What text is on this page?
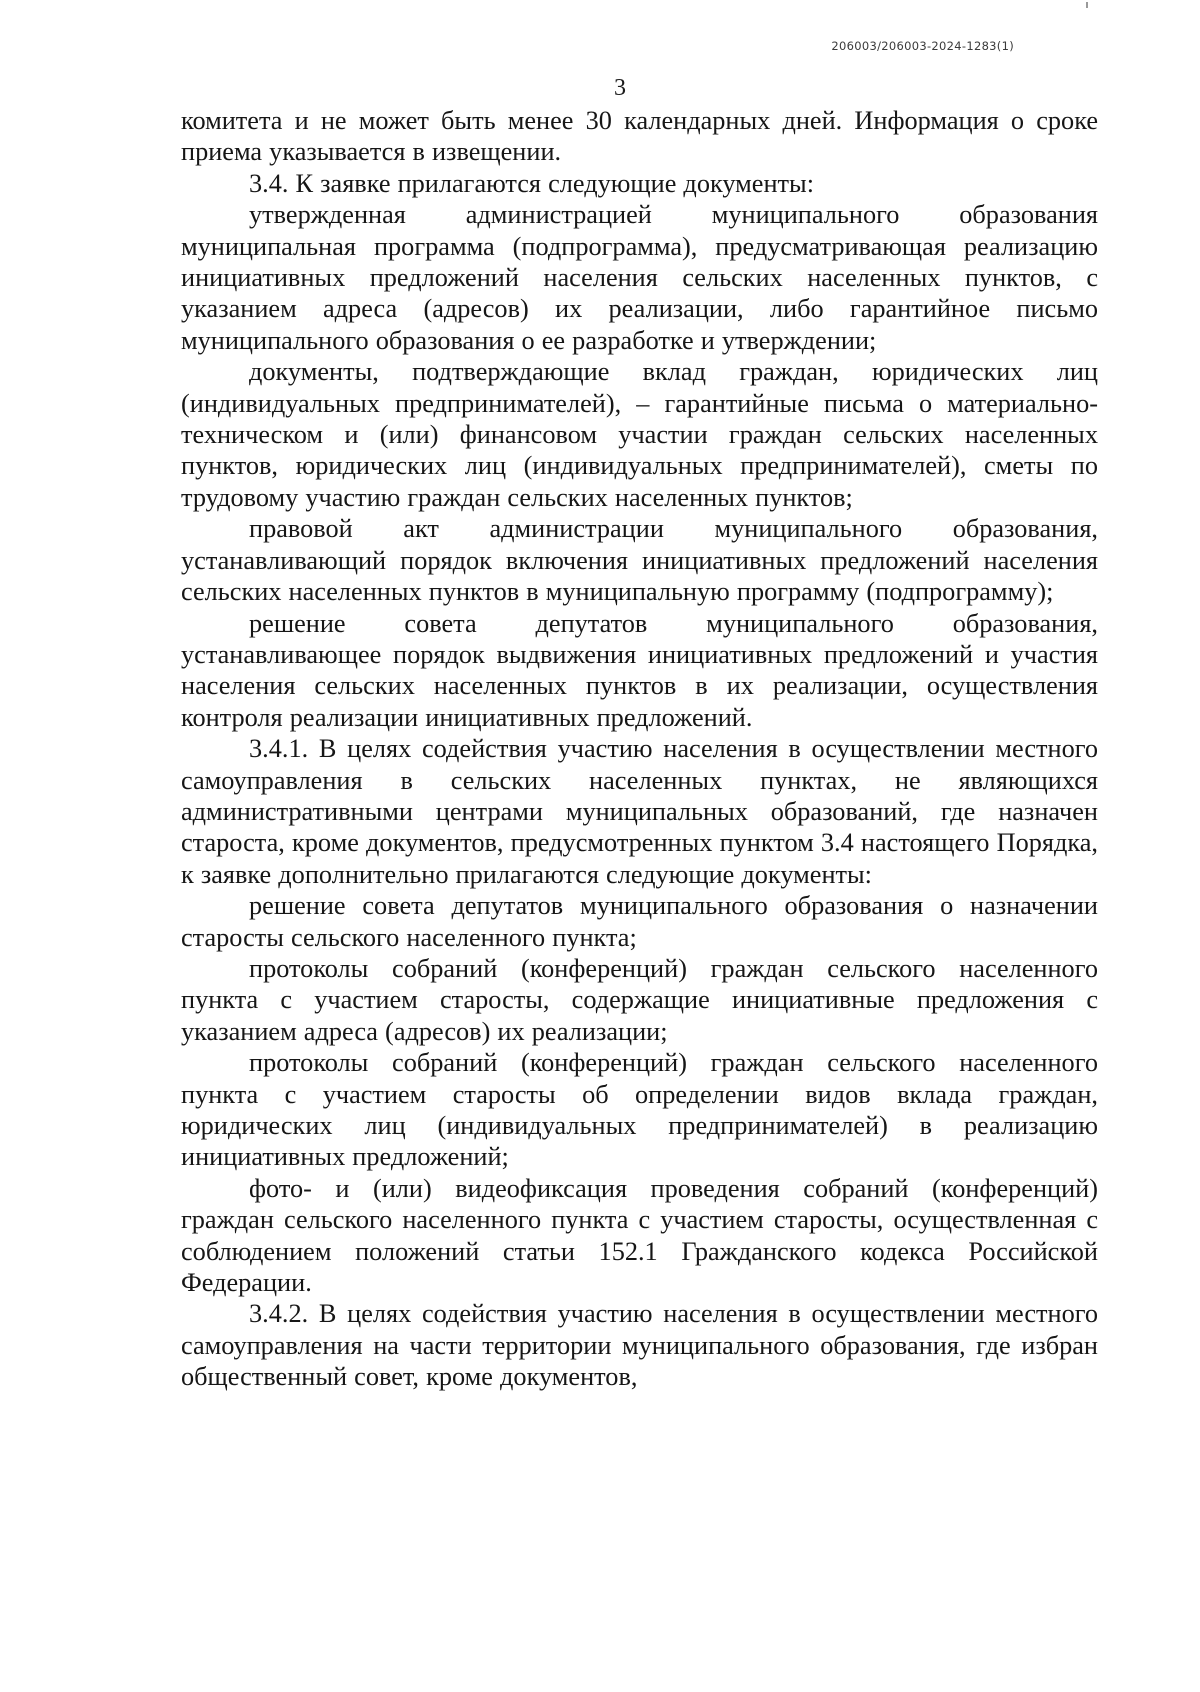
206003/206003-2024-1283(1)
3

комитета и не может быть менее 30 календарных дней. Информация о сроке приема указывается в извещении.

3.4. К заявке прилагаются следующие документы:

утвержденная администрацией муниципального образования муниципальная программа (подпрограмма), предусматривающая реализацию инициативных предложений населения сельских населенных пунктов, с указанием адреса (адресов) их реализации, либо гарантийное письмо муниципального образования о ее разработке и утверждении;

документы, подтверждающие вклад граждан, юридических лиц (индивидуальных предпринимателей), – гарантийные письма о материально-техническом и (или) финансовом участии граждан сельских населенных пунктов, юридических лиц (индивидуальных предпринимателей), сметы по трудовому участию граждан сельских населенных пунктов;

правовой акт администрации муниципального образования, устанавливающий порядок включения инициативных предложений населения сельских населенных пунктов в муниципальную программу (подпрограмму);

решение совета депутатов муниципального образования, устанавливающее порядок выдвижения инициативных предложений и участия населения сельских населенных пунктов в их реализации, осуществления контроля реализации инициативных предложений.

3.4.1. В целях содействия участию населения в осуществлении местного самоуправления в сельских населенных пунктах, не являющихся административными центрами муниципальных образований, где назначен староста, кроме документов, предусмотренных пунктом 3.4 настоящего Порядка, к заявке дополнительно прилагаются следующие документы:

решение совета депутатов муниципального образования о назначении старосты сельского населенного пункта;

протоколы собраний (конференций) граждан сельского населенного пункта с участием старосты, содержащие инициативные предложения с указанием адреса (адресов) их реализации;

протоколы собраний (конференций) граждан сельского населенного пункта с участием старосты об определении видов вклада граждан, юридических лиц (индивидуальных предпринимателей) в реализацию инициативных предложений;

фото- и (или) видеофиксация проведения собраний (конференций) граждан сельского населенного пункта с участием старосты, осуществленная с соблюдением положений статьи 152.1 Гражданского кодекса Российской Федерации.

3.4.2. В целях содействия участию населения в осуществлении местного самоуправления на части территории муниципального образования, где избран общественный совет, кроме документов,
